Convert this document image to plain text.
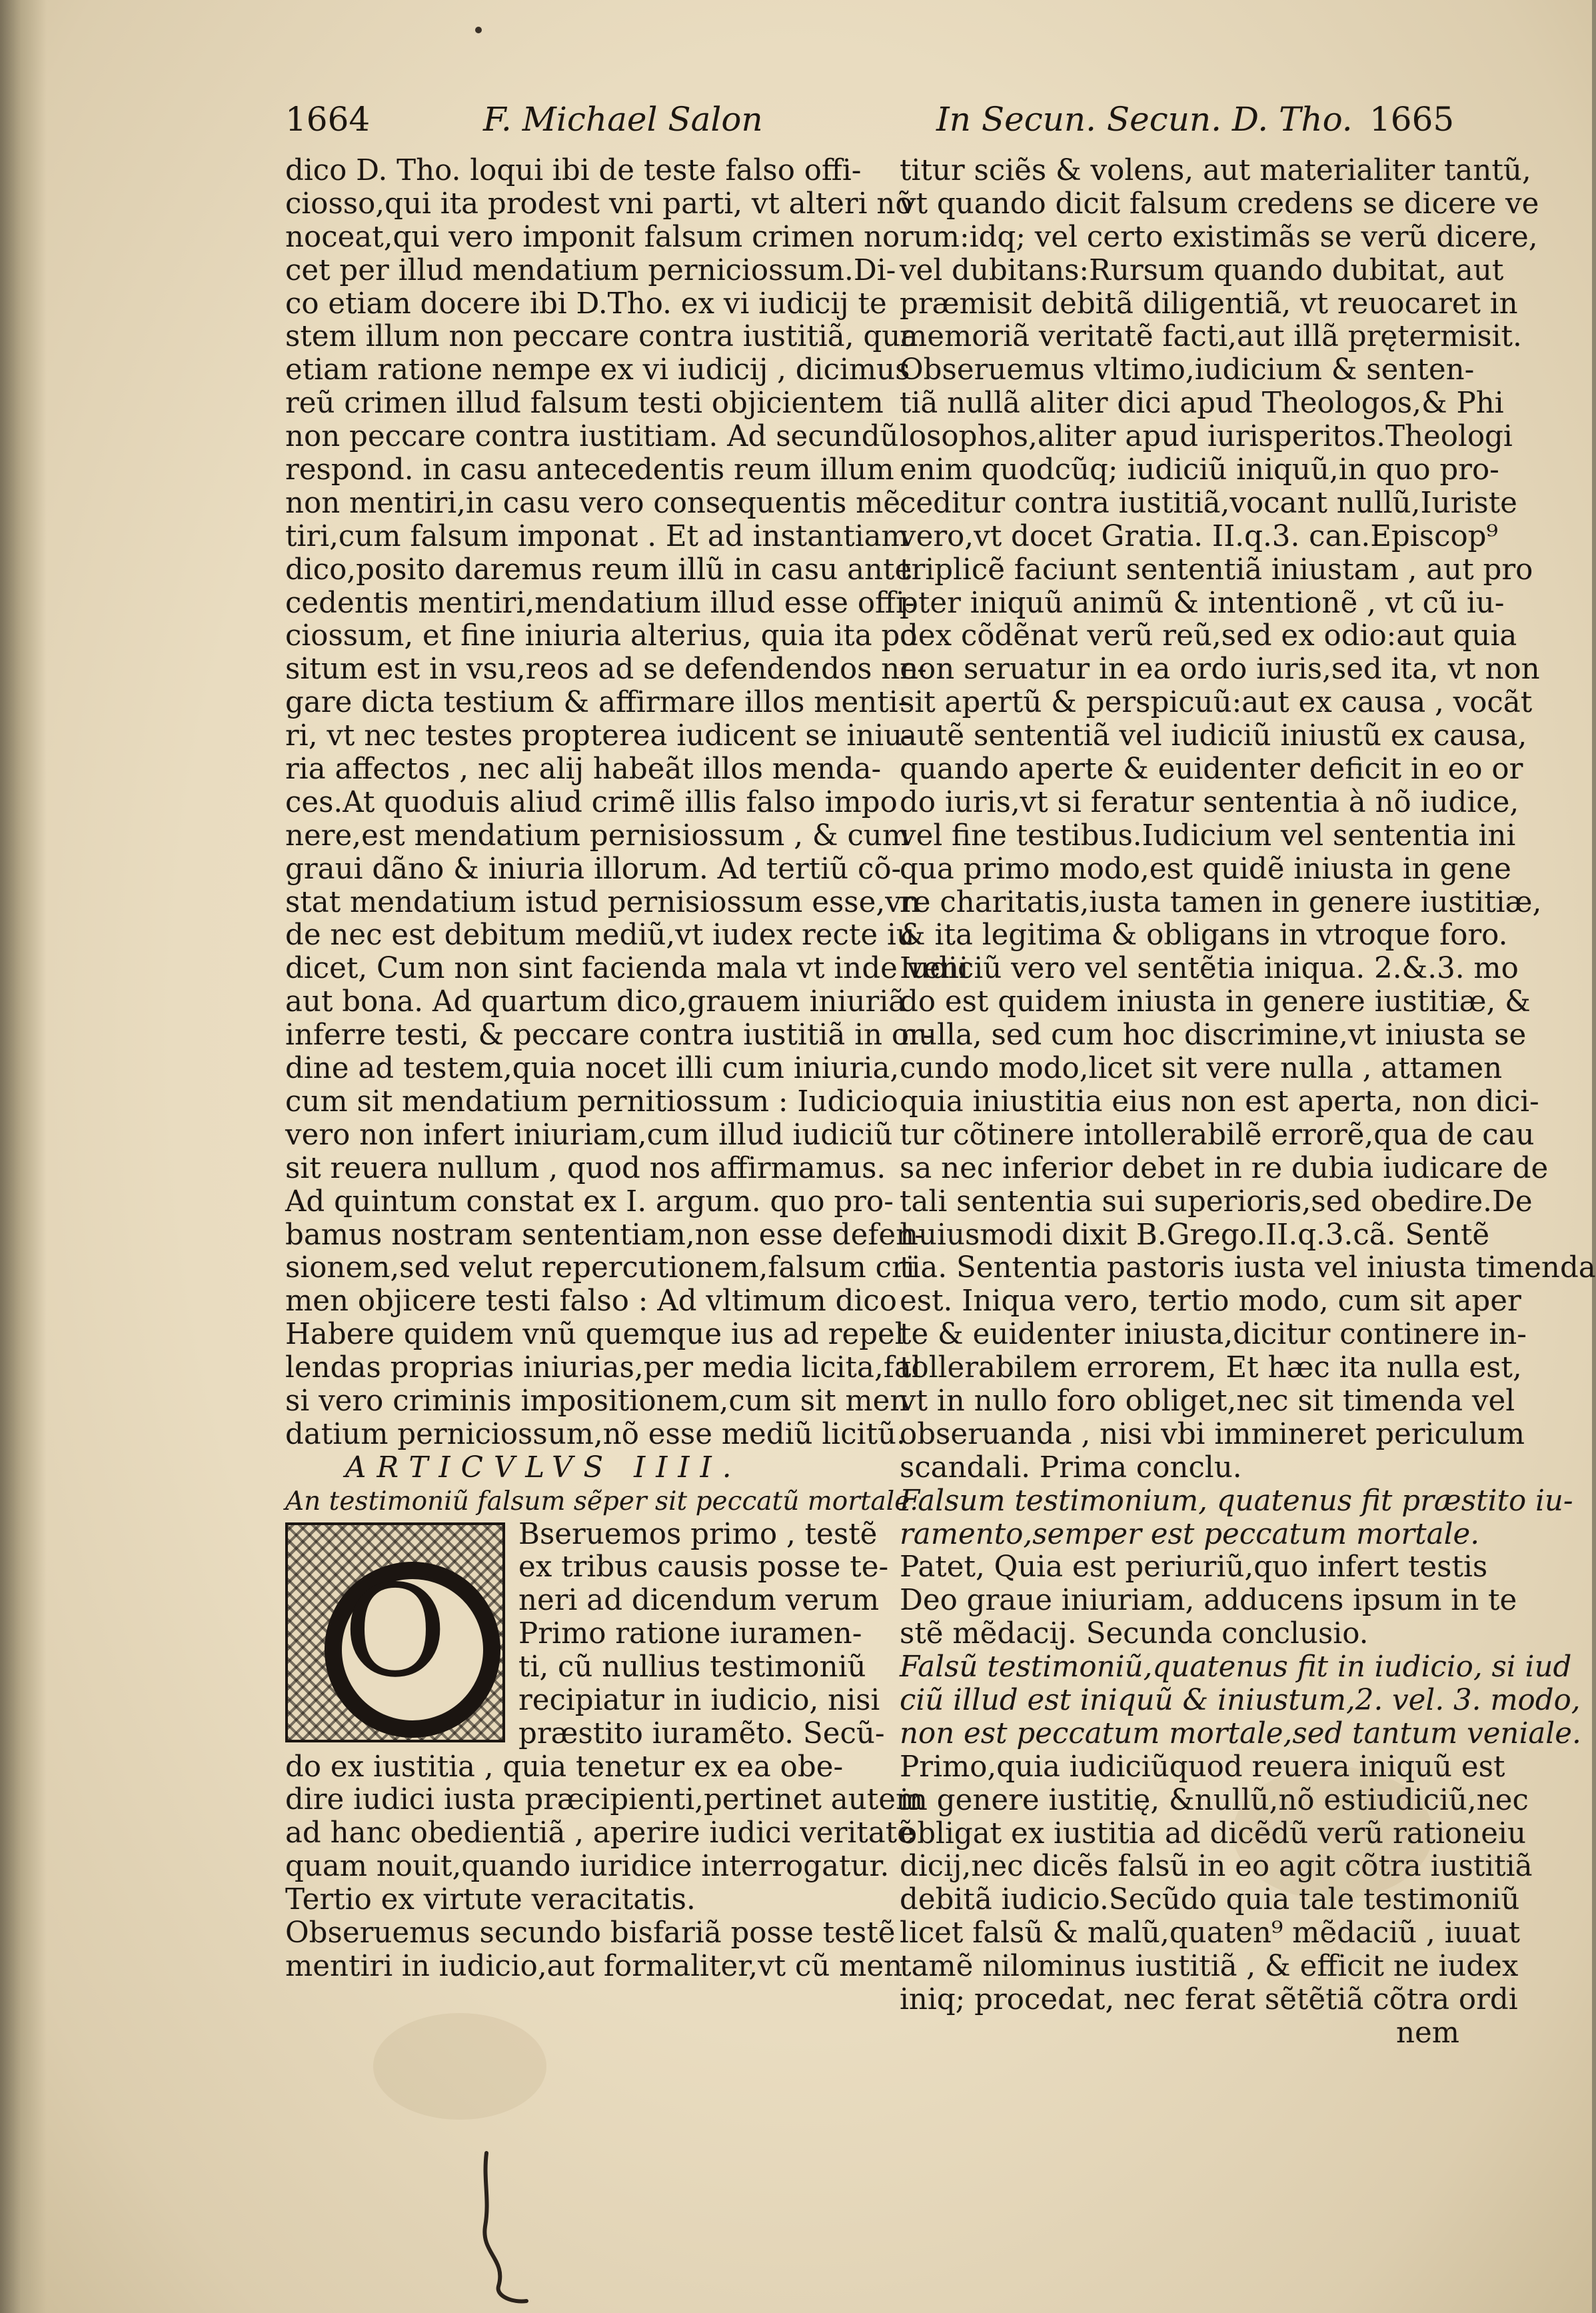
1664	F. Michael Salon	In Secun. Secun. D. Tho. 1665
dico D. Tho. loqui ibi de teste falso offi-
ciosso,qui ita prodest vni parti, vt alteri nõ
noceat,qui vero imponit falsum crimen no
cet per illud mendatium perniciossum.Di-
co etiam docere ibi D.Tho. ex vi iudicij te
stem illum non peccare contra iustitiã, qua
etiam ratione nempe ex vi iudicij , dicimus
reũ crimen illud falsum testi objicientem
non peccare contra iustitiam. Ad secundũ
respond. in casu antecedentis reum illum
non mentiri,in casu vero consequentis mẽ
tiri,cum falsum imponat . Et ad instantiam
dico,posito daremus reum illũ in casu ante
cedentis mentiri,mendatium illud esse offi-
ciossum, et fine iniuria alterius, quia ita po
situm est in vsu,reos ad se defendendos ne-
gare dicta testium & affirmare illos menti-
ri, vt nec testes propterea iudicent se iniu-
ria affectos , nec alij habeãt illos menda-
ces.At quoduis aliud crimẽ illis falso impo
nere,est mendatium pernisiossum , & cum
graui dãno & iniuria illorum. Ad tertiũ cõ-
stat mendatium istud pernisiossum esse,vn
de nec est debitum mediũ,vt iudex recte iu
dicet, Cum non sint facienda mala vt inde veni
aut bona. Ad quartum dico,grauem iniuriã
inferre testi, & peccare contra iustitiã in or-
dine ad testem,quia nocet illi cum iniuria,
cum sit mendatium pernitiossum : Iudicio
vero non infert iniuriam,cum illud iudiciũ
sit reuera nullum , quod nos affirmamus.
Ad quintum constat ex I. argum. quo pro-
bamus nostram sententiam,non esse defen-
sionem,sed velut repercutionem,falsum cri
men objicere testi falso : Ad vltimum dico
Habere quidem vnũ quemque ius ad repel
lendas proprias iniurias,per media licita,fal
si vero criminis impositionem,cum sit men
datium perniciossum,nõ esse mediũ licitũ.
ARTICVLVS IIII.
An testimoniũ falsum sẽper sit peccatũ mortale.
O
Bseruemos primo , testẽ
ex tribus causis posse te-
neri ad dicendum verum
Primo ratione iuramen-
ti, cũ nullius testimoniũ
recipiatur in iudicio, nisi
præstito iuramẽto. Secũ-
do ex iustitia , quia tenetur ex ea obe-
dire iudici iusta præcipienti,pertinet autem
ad hanc obedientiã , aperire iudici veritatẽ
quam nouit,quando iuridice interrogatur.
Tertio ex virtute veracitatis.
Obseruemus secundo bisfariã posse testẽ
mentiri in iudicio,aut formaliter,vt cũ men
titur sciẽs & volens, aut materialiter tantũ,
vt quando dicit falsum credens se dicere ve
rum:idq; vel certo existimãs se verũ dicere,
vel dubitans:Rursum quando dubitat, aut
præmisit debitã diligentiã, vt reuocaret in
memoriã veritatẽ facti,aut illã prętermisit.
Obseruemus vltimo,iudicium & senten-
tiã nullã aliter dici apud Theologos,& Phi
losophos,aliter apud iurisperitos.Theologi
enim quodcũq; iudiciũ iniquũ,in quo pro-
ceditur contra iustitiã,vocant nullũ,Iuriste
vero,vt docet Gratia. II.q.3. can.Episcop⁹
triplicẽ faciunt sententiã iniustam , aut pro
pter iniquũ animũ & intentionẽ , vt cũ iu-
dex cõdẽnat verũ reũ,sed ex odio:aut quia
non seruatur in ea ordo iuris,sed ita, vt non
sit apertũ & perspicuũ:aut ex causa , vocãt
autẽ sententiã vel iudiciũ iniustũ ex causa,
quando aperte & euidenter deficit in eo or
do iuris,vt si feratur sententia à nõ iudice,
vel fine testibus.Iudicium vel sententia ini
qua primo modo,est quidẽ iniusta in gene
re charitatis,iusta tamen in genere iustitiæ,
& ita legitima & obligans in vtroque foro.
Iudiciũ vero vel sentẽtia iniqua. 2.&.3. mo
do est quidem iniusta in genere iustitiæ, &
nulla, sed cum hoc discrimine,vt iniusta se
cundo modo,licet sit vere nulla , attamen
quia iniustitia eius non est aperta, non dici-
tur cõtinere intollerabilẽ errorẽ,qua de cau
sa nec inferior debet in re dubia iudicare de
tali sententia sui superioris,sed obedire.De
huiusmodi dixit B.Grego.II.q.3.cã. Sentẽ
tia. Sententia pastoris iusta vel iniusta timenda
est. Iniqua vero, tertio modo, cum sit aper
te & euidenter iniusta,dicitur continere in-
tollerabilem errorem, Et hæc ita nulla est,
vt in nullo foro obliget,nec sit timenda vel
obseruanda , nisi vbi immineret periculum
scandali. Prima conclu.
Falsum testimonium, quatenus fit præstito iu-
ramento,semper est peccatum mortale.
Patet, Quia est periuriũ,quo infert testis
Deo graue iniuriam, adducens ipsum in te
stẽ mẽdacij. Secunda conclusio.
Falsũ testimoniũ,quatenus fit in iudicio, si iud
ciũ illud est iniquũ & iniustum,2. vel. 3. modo,
non est peccatum mortale,sed tantum veniale.
Primo,quia iudiciũquod reuera iniquũ est
in genere iustitię, &nullũ,nõ estiudiciũ,nec
obligat ex iustitia ad dicẽdũ verũ rationeiu
dicij,nec dicẽs falsũ in eo agit cõtra iustitiã
debitã iudicio.Secũdo quia tale testimoniũ
licet falsũ & malũ,quaten⁹ mẽdaciũ , iuuat
tamẽ nilominus iustitiã , & efficit ne iudex
iniq; procedat, nec ferat sẽtẽtiã cõtra ordi
nem
